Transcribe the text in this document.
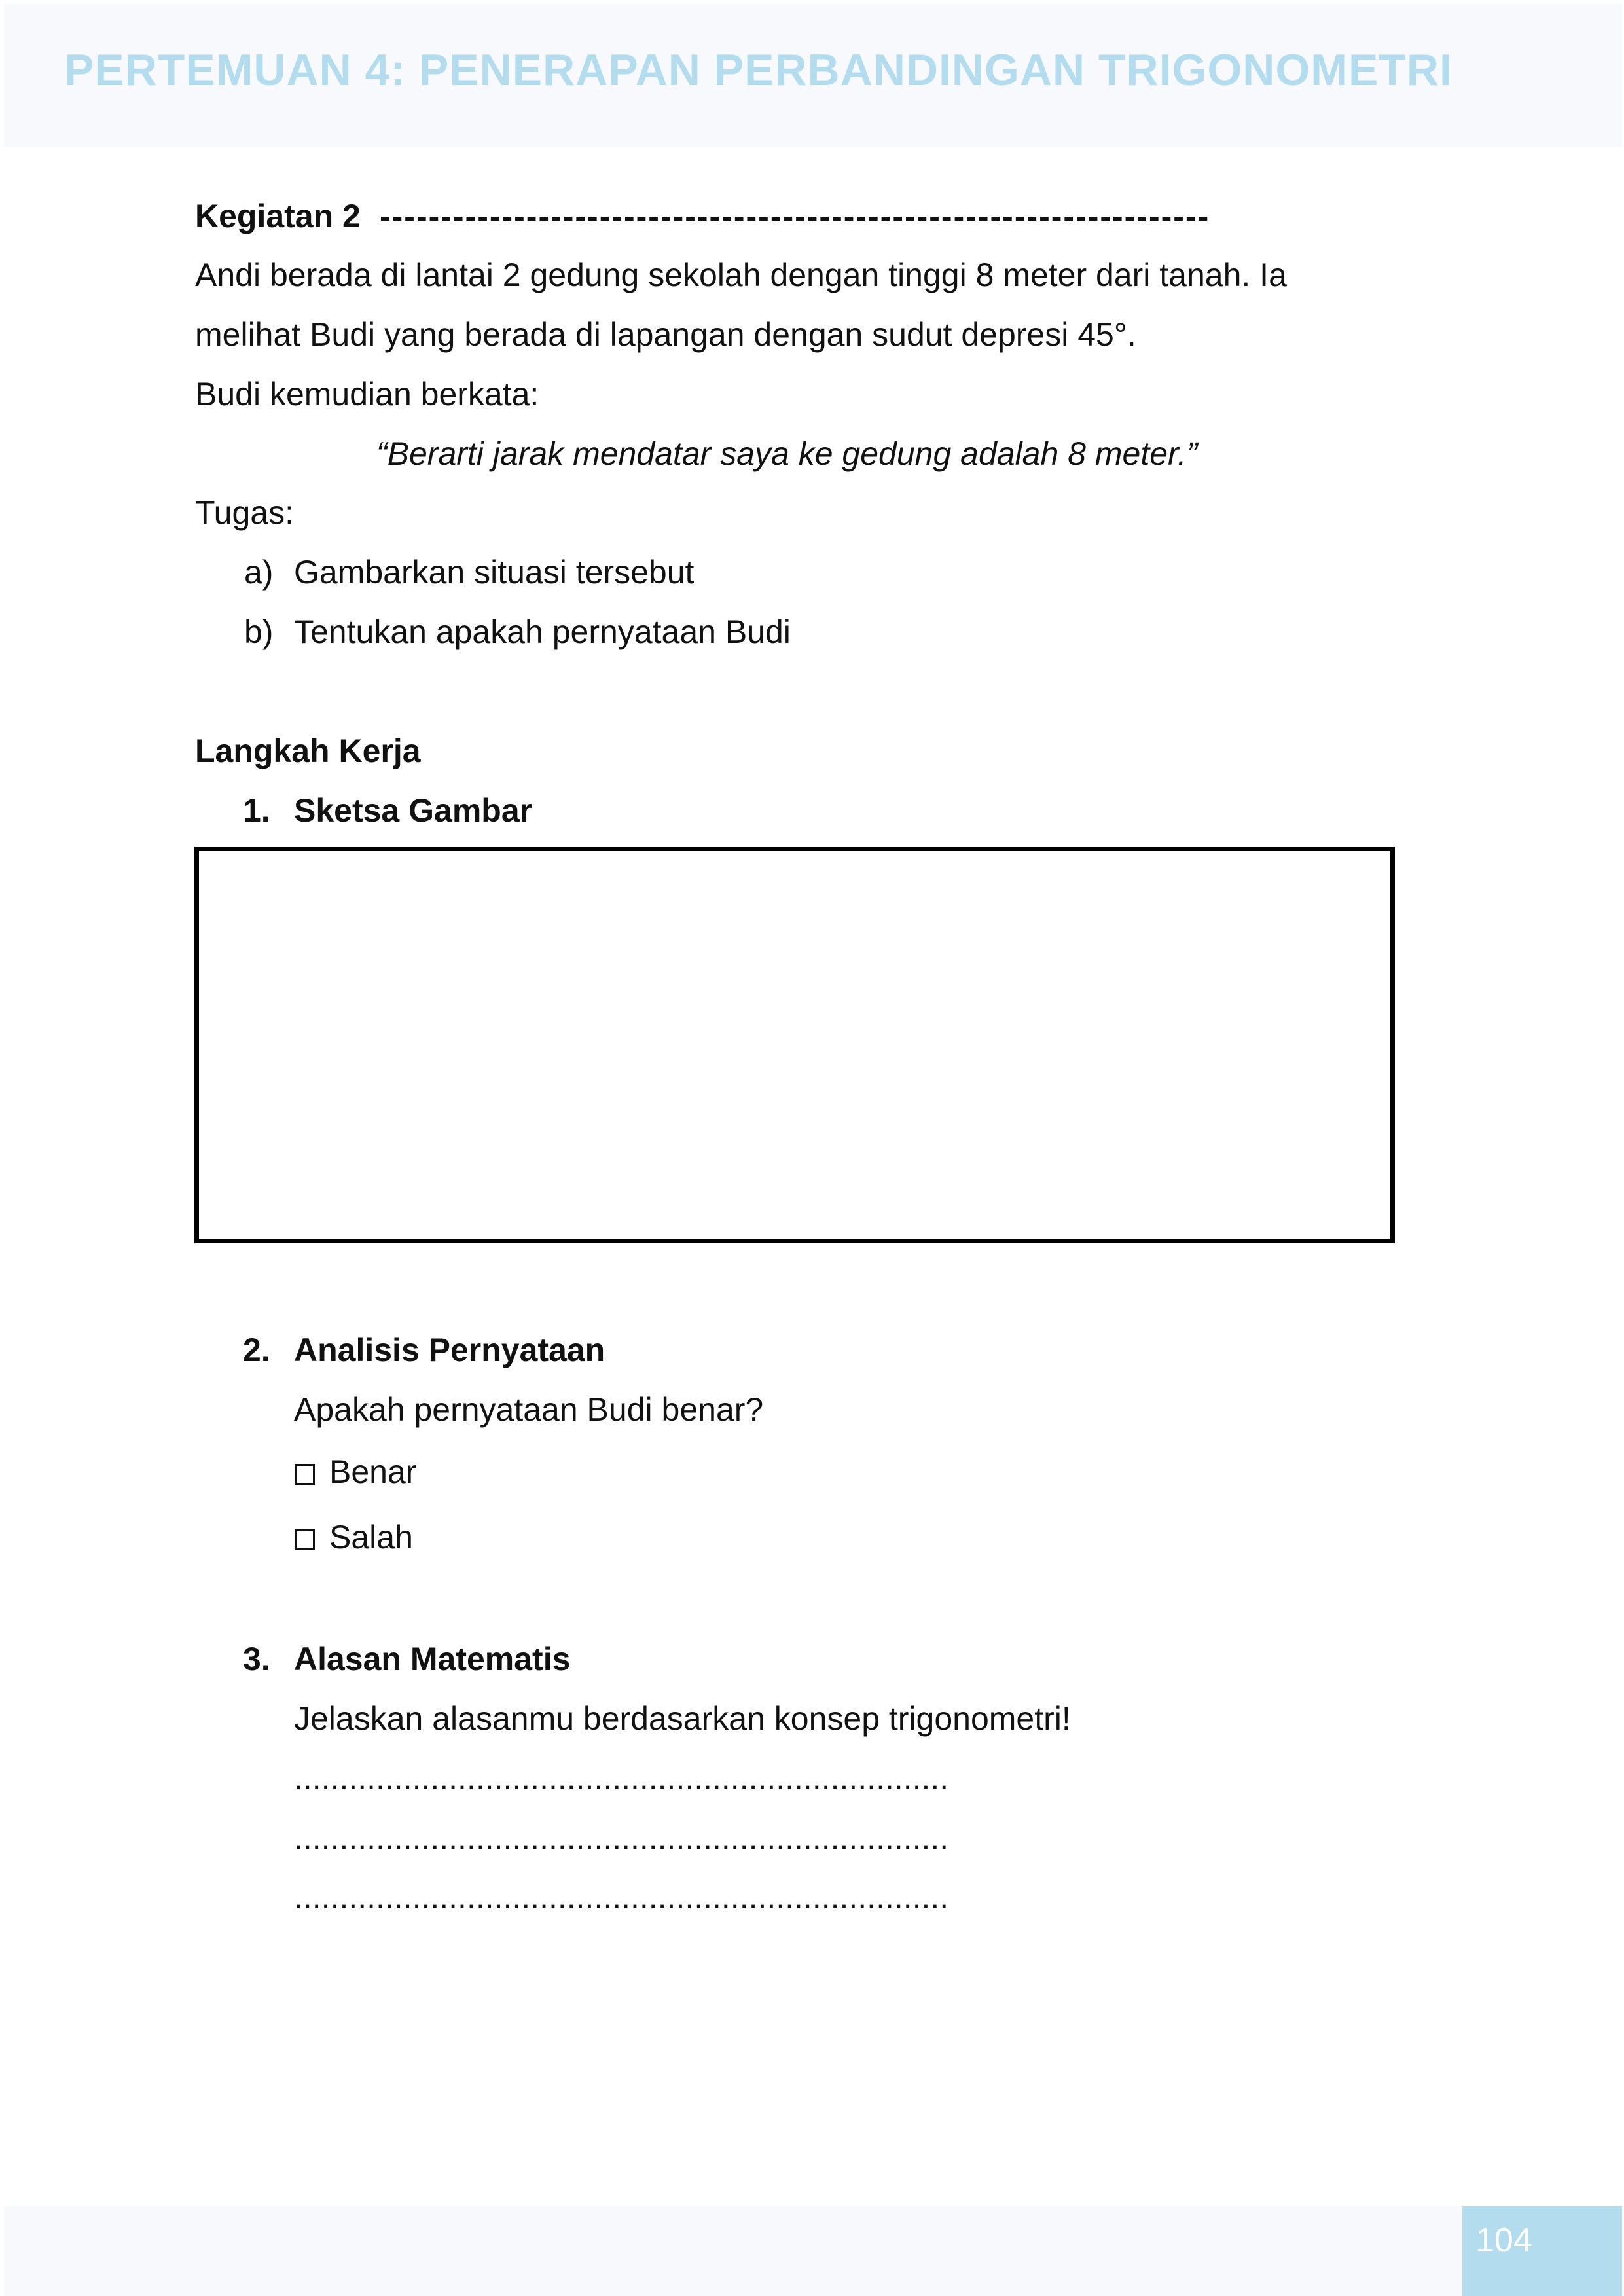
PERTEMUAN 4: PENERAPAN PERBANDINGAN TRIGONOMETRI
Kegiatan 2 --------------------------------------------------------------------
Andi berada di lantai 2 gedung sekolah dengan tinggi 8 meter dari tanah. Ia
melihat Budi yang berada di lapangan dengan sudut depresi 45°.
Budi kemudian berkata:
“Berarti jarak mendatar saya ke gedung adalah 8 meter.”
Tugas:
a) Gambarkan situasi tersebut
b) Tentukan apakah pernyataan Budi
Langkah Kerja
1. Sketsa Gambar
2. Analisis Pernyataan
Apakah pernyataan Budi benar?
Benar
Salah
3. Alasan Matematis
Jelaskan alasanmu berdasarkan konsep trigonometri!
........................................................................
........................................................................
........................................................................
104
